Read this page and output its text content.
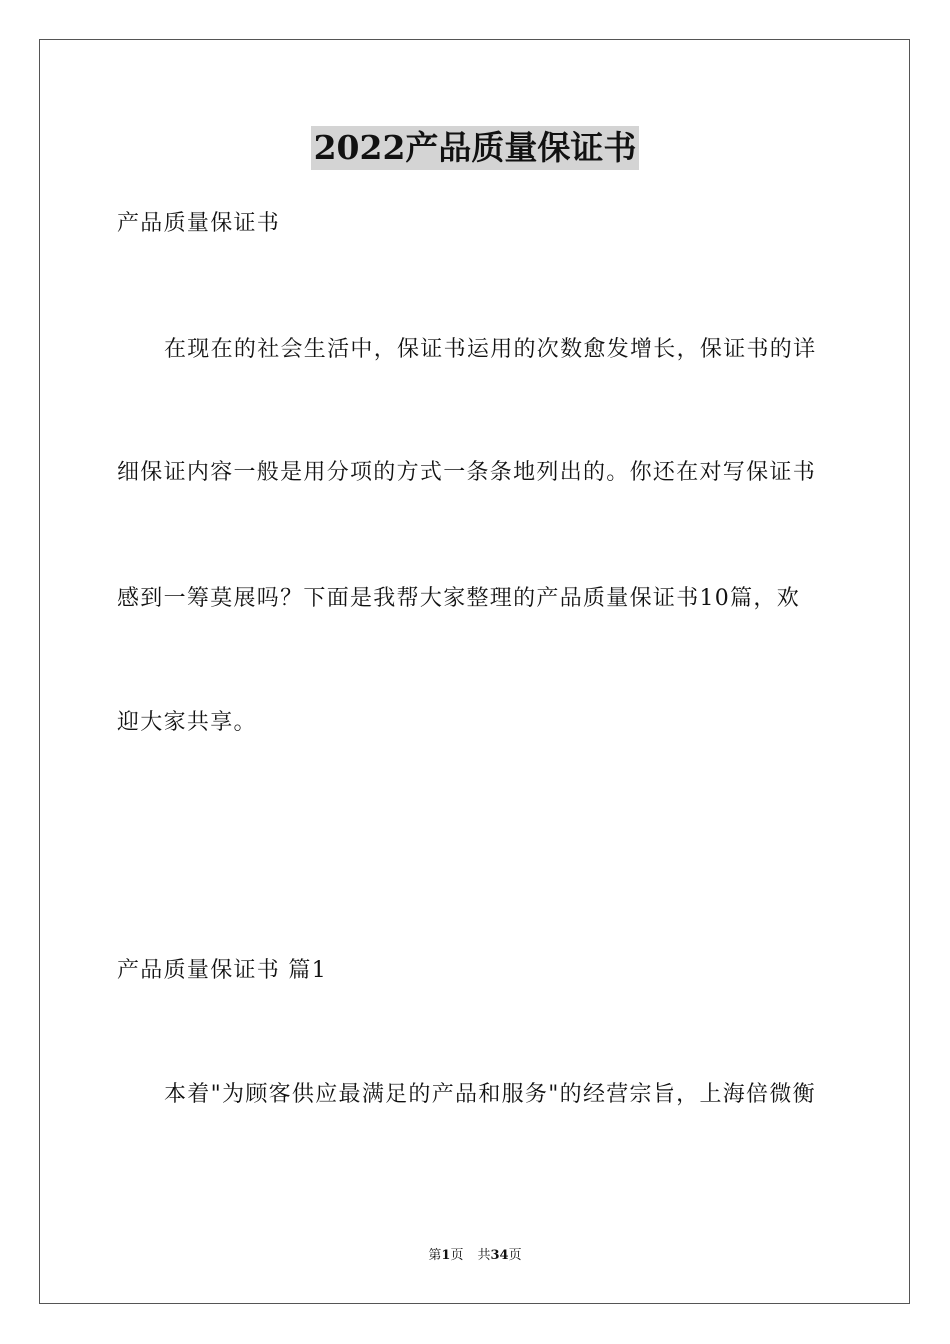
2022产品质量保证书
产品质量保证书
在现在的社会生活中，保证书运用的次数愈发增长，保证书的详
细保证内容一般是用分项的方式一条条地列出的。你还在对写保证书
感到一筹莫展吗？下面是我帮大家整理的产品质量保证书10篇，欢
迎大家共享。
产品质量保证书 篇1
本着"为顾客供应最满足的产品和服务"的经营宗旨，上海倍微衡
第1页 共34页
